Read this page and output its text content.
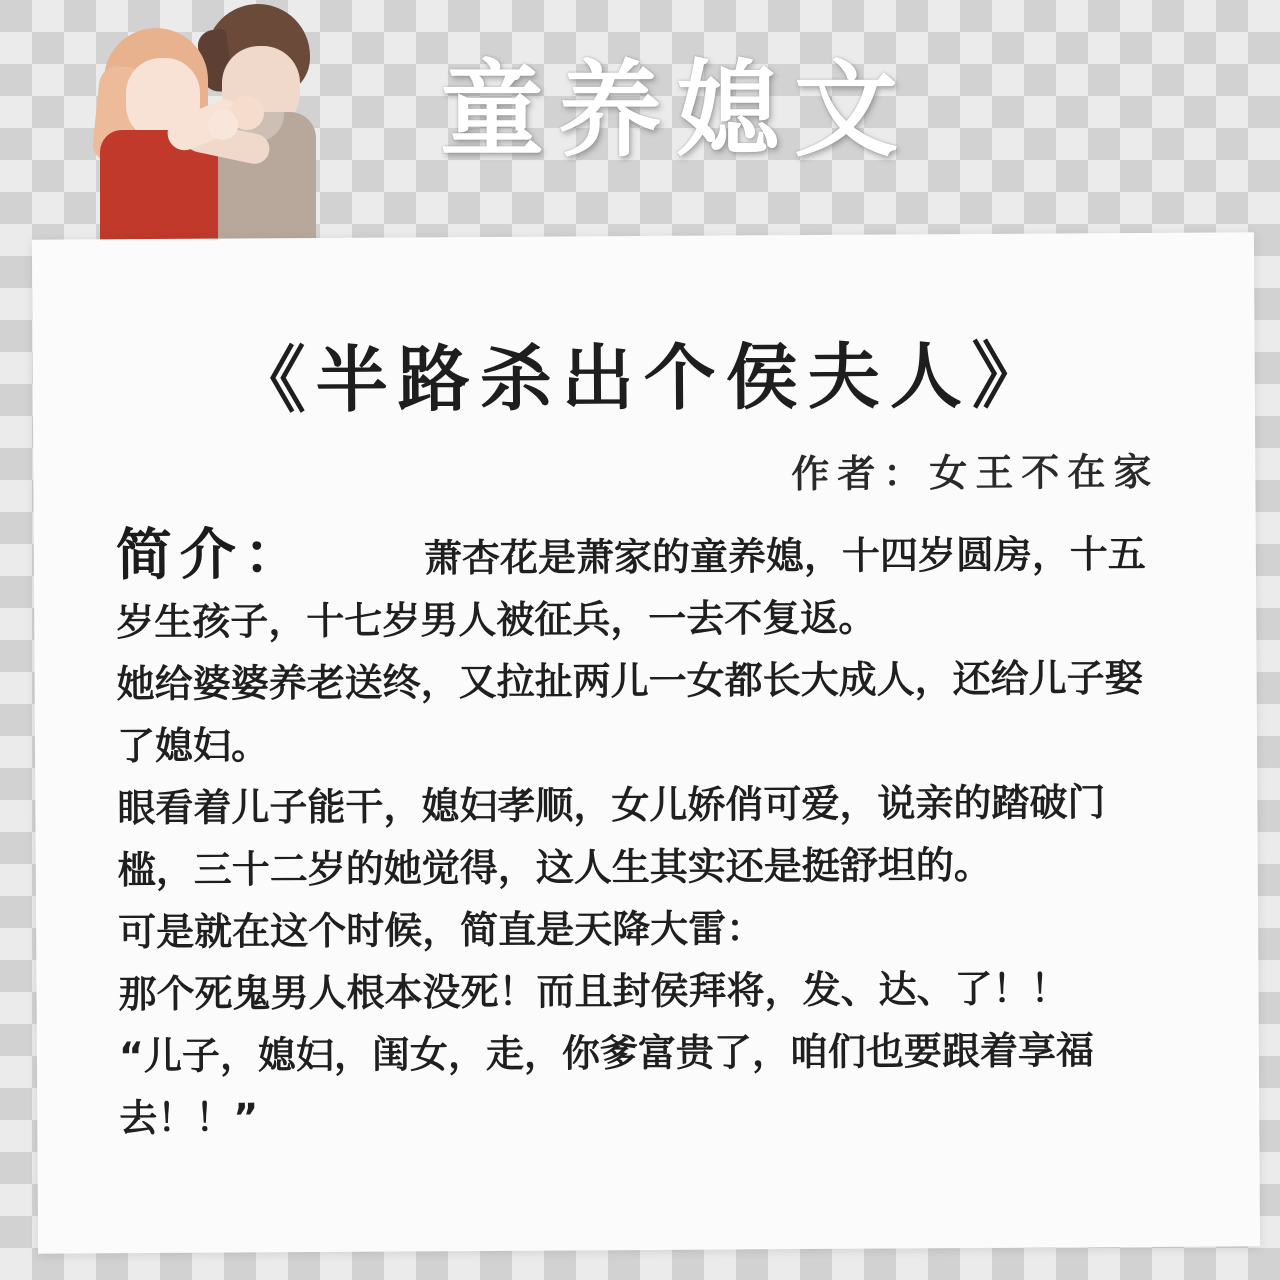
童养媳文
《半路杀出个侯夫人》
作者：女王不在家
简介：	萧杏花是萧家的童养媳，十四岁圆房，十五岁生孩子，十七岁男人被征兵，一去不复返。

她给婆婆养老送终，又拉扯两儿一女都长大成人，还给儿子娶了媳妇。

眼看着儿子能干，媳妇孝顺，女儿娇俏可爱，说亲的踏破门槛，三十二岁的她觉得，这人生其实还是挺舒坦的。

可是就在这个时候，简直是天降大雷：

那个死鬼男人根本没死！而且封侯拜将，发、达、了！！

“儿子，媳妇，闺女，走，你爹富贵了，咱们也要跟着享福去！！”
